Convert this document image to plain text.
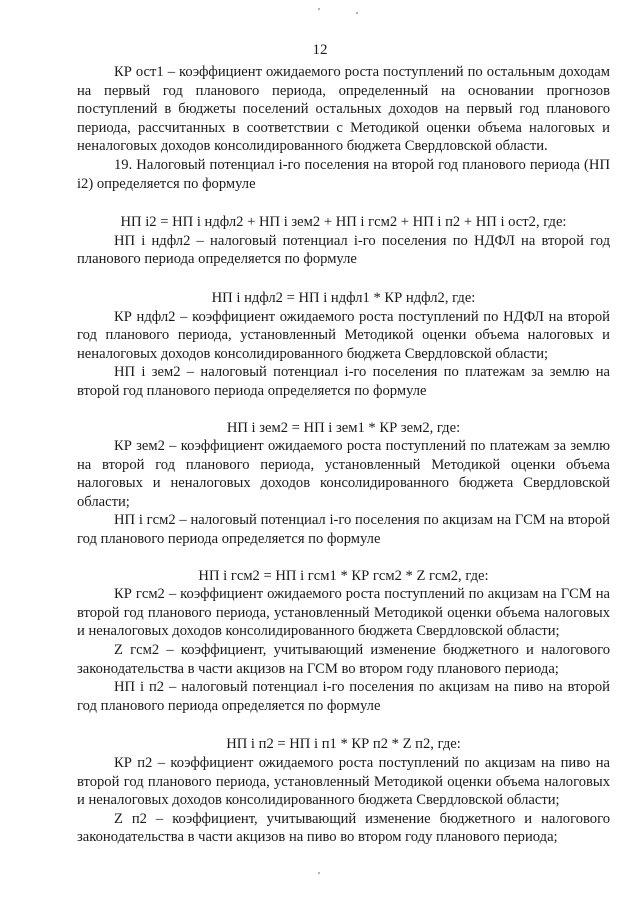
12

КР ост1 – коэффициент ожидаемого роста поступлений по остальным доходам на первый год планового периода, определенный на основании прогнозов поступлений в бюджеты поселений остальных доходов на первый год планового периода, рассчитанных в соответствии с Методикой оценки объема налоговых и неналоговых доходов консолидированного бюджета Свердловской области.

19. Налоговый потенциал i-го поселения на второй год планового периода (НП i2) определяется по формуле

НП i2 = НП i ндфл2 + НП i зем2 + НП i гсм2 + НП i п2 + НП i ост2, где:

НП i ндфл2 – налоговый потенциал i-го поселения по НДФЛ на второй год планового периода определяется по формуле

НП i ндфл2 = НП i ндфл1 * КР ндфл2, где:

КР ндфл2 – коэффициент ожидаемого роста поступлений по НДФЛ на второй год планового периода, установленный Методикой оценки объема налоговых и неналоговых доходов консолидированного бюджета Свердловской области;

НП i зем2 – налоговый потенциал i-го поселения по платежам за землю на второй год планового периода определяется по формуле

НП i зем2 = НП i зем1 * КР зем2, где:

КР зем2 – коэффициент ожидаемого роста поступлений по платежам за землю на второй год планового периода, установленный Методикой оценки объема налоговых и неналоговых доходов консолидированного бюджета Свердловской области;

НП i гсм2 – налоговый потенциал i-го поселения по акцизам на ГСМ на второй год планового периода определяется по формуле

НП i гсм2 = НП i гсм1 * КР гсм2 * Z гсм2, где:

КР гсм2 – коэффициент ожидаемого роста поступлений по акцизам на ГСМ на второй год планового периода, установленный Методикой оценки объема налоговых и неналоговых доходов консолидированного бюджета Свердловской области;

Z гсм2 – коэффициент, учитывающий изменение бюджетного и налогового законодательства в части акцизов на ГСМ во втором году планового периода;

НП i п2 – налоговый потенциал i-го поселения по акцизам на пиво на второй год планового периода определяется по формуле

НП i п2 = НП i п1 * КР п2 * Z п2, где:

КР п2 – коэффициент ожидаемого роста поступлений по акцизам на пиво на второй год планового периода, установленный Методикой оценки объема налоговых и неналоговых доходов консолидированного бюджета Свердловской области;

Z п2 – коэффициент, учитывающий изменение бюджетного и налогового законодательства в части акцизов на пиво во втором году планового периода;
